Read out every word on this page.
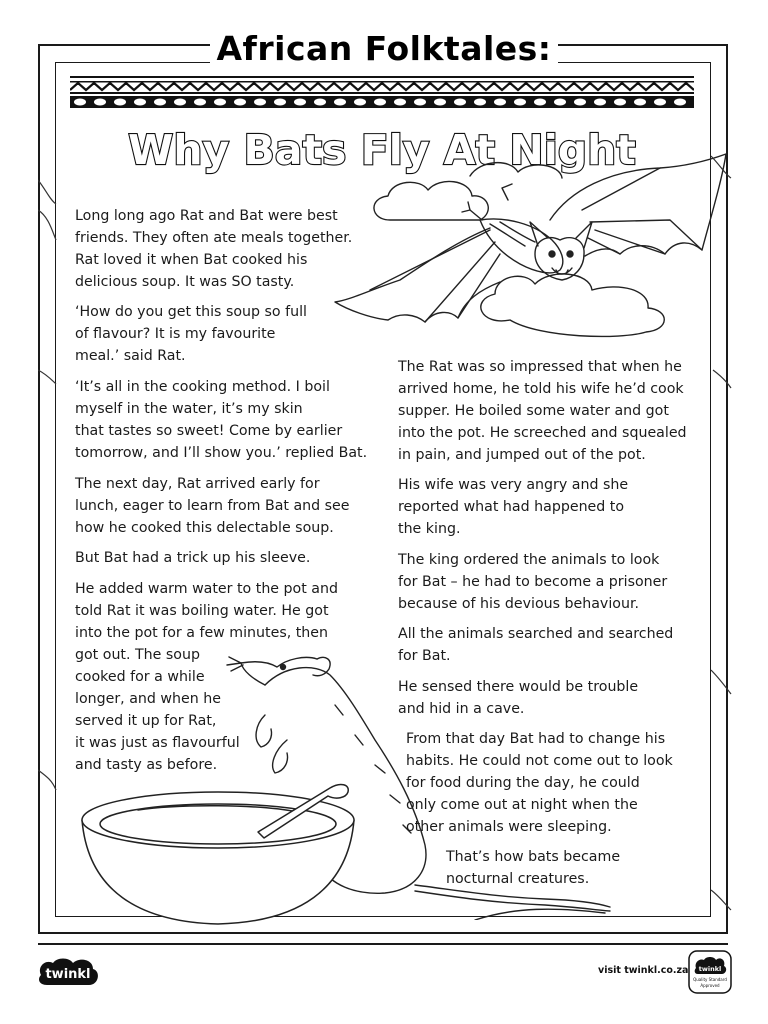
African Folktales:
Why Bats Fly At Night

Long long ago Rat and Bat were best
friends. They often ate meals together.
Rat loved it when Bat cooked his
delicious soup. It was SO tasty.

‘How do you get this soup so full
of flavour? It is my favourite
meal.’ said Rat.

‘It’s all in the cooking method. I boil
myself in the water, it’s my skin
that tastes so sweet! Come by earlier
tomorrow, and I’ll show you.’ replied Bat.

The next day, Rat arrived early for
lunch, eager to learn from Bat and see
how he cooked this delectable soup.

But Bat had a trick up his sleeve.

He added warm water to the pot and
told Rat it was boiling water. He got
into the pot for a few minutes, then
got out. The soup
cooked for a while
longer, and when he
served it up for Rat,
it was just as flavourful
and tasty as before.

The Rat was so impressed that when he
arrived home, he told his wife he’d cook
supper. He boiled some water and got
into the pot. He screeched and squealed
in pain, and jumped out of the pot.

His wife was very angry and she
reported what had happened to
the king.

The king ordered the animals to look
for Bat – he had to become a prisoner
because of his devious behaviour.

All the animals searched and searched
for Bat.

He sensed there would be trouble
and hid in a cave.

From that day Bat had to change his
habits. He could not come out to look
for food during the day, he could
only come out at night when the
other animals were sleeping.

That’s how bats became
nocturnal creatures.

twinkl	visit twinkl.co.za twinkl
Quality Standard
Approved
